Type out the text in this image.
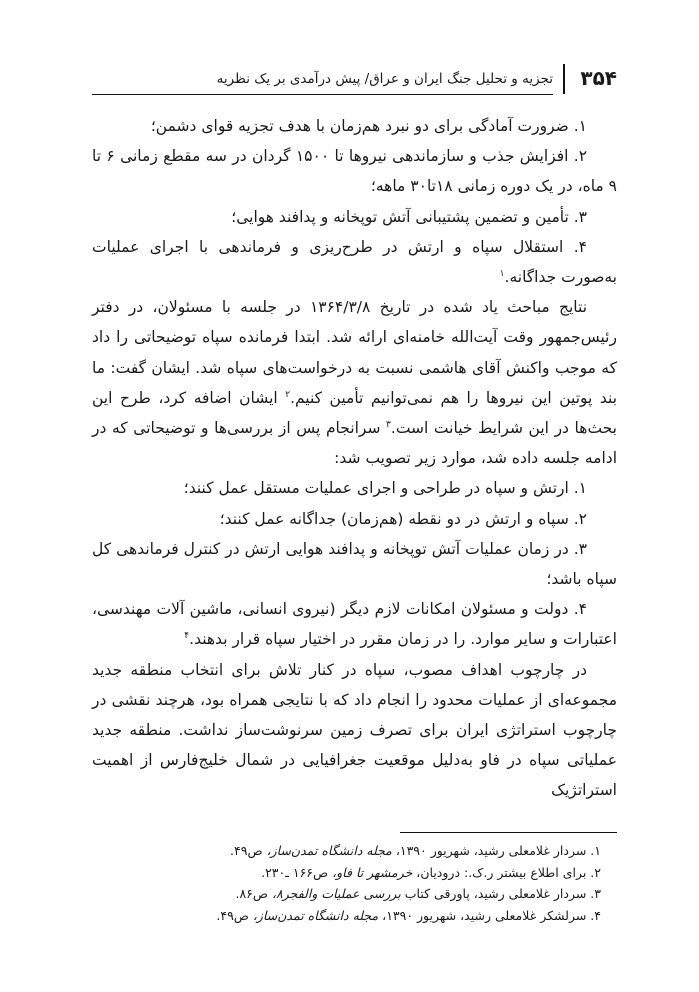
۳۵۴
تجزیه و تحلیل جنگ ایران و عراق/ پیش درآمدی بر یک نظریه

۱. ضرورت آمادگی برای دو نبرد هم‌زمان با هدف تجزیه قوای دشمن؛

۲. افزایش جذب و سازماندهی نیروها تا ۱۵۰۰ گردان در سه مقطع زمانی ۶ تا ۹ ماه، در یک دوره زمانی ۱۸تا۳۰ ماهه؛

۳. تأمین و تضمین پشتیبانی آتش توپخانه و پدافند هوایی؛

۴. استقلال سپاه و ارتش در طرح‌ریزی و فرماندهی با اجرای عملیات به‌صورت جداگانه.$^۱$

نتایج مباحث یاد شده در تاریخ ۱۳۶۴/۳/۸ در جلسه با مسئولان، در دفتر رئیس‌جمهور وقت آیت‌الله خامنه‌ای ارائه شد. ابتدا فرمانده سپاه توضیحاتی را داد که موجب واکنش آقای هاشمی نسبت به درخواست‌های سپاه شد. ایشان گفت: ما بند پوتین این نیروها را هم نمی‌توانیم تأمین کنیم.$^۲$ ایشان اضافه کرد، طرح این بحث‌ها در این شرایط خیانت است.$^۳$ سرانجام پس از بررسی‌ها و توضیحاتی که در ادامه جلسه داده شد، موارد زیر تصویب شد:

۱. ارتش و سپاه در طراحی و اجرای عملیات مستقل عمل کنند؛

۲. سپاه و ارتش در دو نقطه (هم‌زمان) جداگانه عمل کنند؛

۳. در زمان عملیات آتش توپخانه و پدافند هوایی ارتش در کنترل فرماندهی کل سپاه باشد؛

۴. دولت و مسئولان امکانات لازم دیگر (نیروی انسانی، ماشین آلات مهندسی، اعتبارات و سایر موارد. را در زمان مقرر در اختیار سپاه قرار بدهند.$^۴$

در چارچوب اهداف مصوب، سپاه در کنار تلاش برای انتخاب منطقه جدید مجموعه‌ای از عملیات محدود را انجام داد که با نتایجی همراه بود، هرچند نقشی در چارچوب استراتژی ایران برای تصرف زمین سرنوشت‌ساز نداشت. منطقه جدید عملیاتی سپاه در فاو به‌دلیل موقعیت جغرافیایی در شمال خلیج‌فارس از اهمیت استراتژیک

۱. سردار غلامعلی رشید، شهریور ۱۳۹۰، مجله دانشگاه تمدن‌ساز، ص۴۹.
۲. برای اطلاع بیشتر ر.ک.: درودیان، خرمشهر تا فاو، ص۱۶۶ ـ۲۳۰.
۳. سردار غلامعلی رشید، پاورقی کتاب بررسی عملیات والفجر۸، ص۸۶.
۴. سرلشکر غلامعلی رشید، شهریور ۱۳۹۰، مجله دانشگاه تمدن‌ساز، ص۴۹.
